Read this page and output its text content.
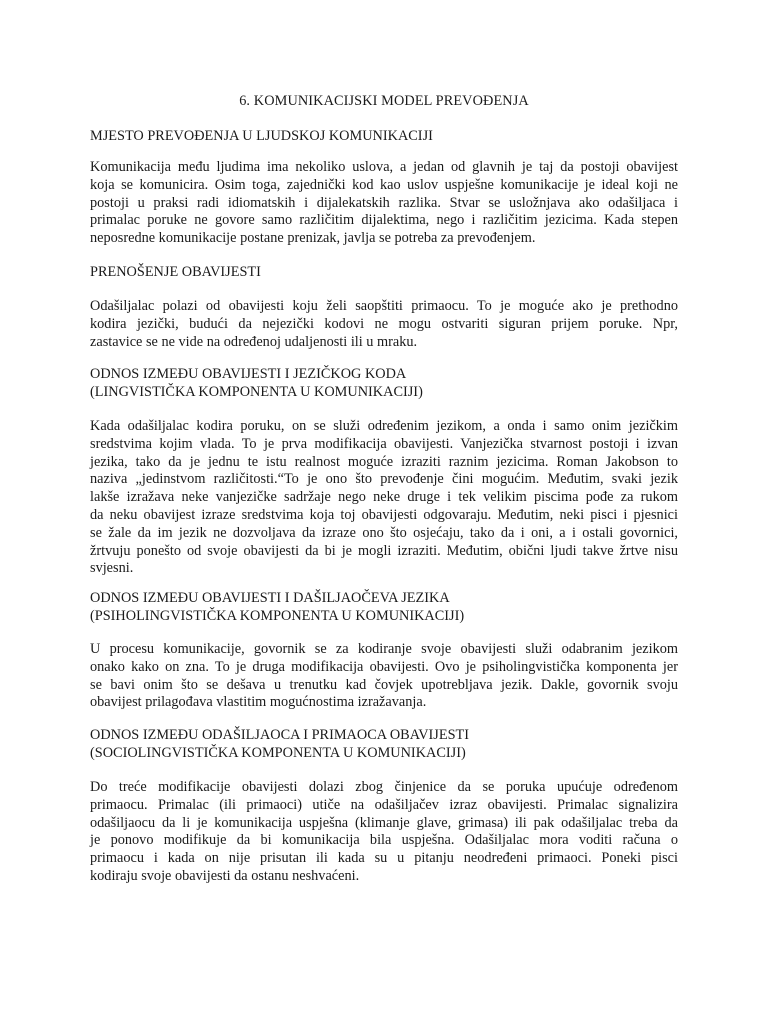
6. KOMUNIKACIJSKI MODEL PREVOĐENJA
MJESTO PREVOĐENJA U LJUDSKOJ KOMUNIKACIJI
Komunikacija među ljudima ima nekoliko uslova, a jedan od glavnih je taj da postoji obavijest
koja se komunicira. Osim toga, zajednički kod kao uslov uspješne komunikacije je ideal koji ne
postoji u praksi radi idiomatskih i dijalekatskih razlika. Stvar se usložnjava ako odašiljaca i
primalac poruke ne govore samo različitim dijalektima, nego i različitim jezicima. Kada stepen
neposredne komunikacije postane prenizak, javlja se potreba za prevođenjem.
PRENOŠENJE OBAVIJESTI
Odašiljalac polazi od obavijesti koju želi saopštiti primaocu. To je moguće ako je prethodno
kodira jezički, budući da nejezički kodovi ne mogu ostvariti siguran prijem poruke. Npr,
zastavice se ne vide na određenoj udaljenosti ili u mraku.
ODNOS IZMEĐU OBAVIJESTI I JEZIČKOG KODA
(LINGVISTIČKA KOMPONENTA U KOMUNIKACIJI)
Kada odašiljalac kodira poruku, on se služi određenim jezikom, a onda i samo onim jezičkim
sredstvima kojim vlada. To je prva modifikacija obavijesti. Vanjezička stvarnost postoji i izvan
jezika, tako da je jednu te istu realnost moguće izraziti raznim jezicima. Roman Jakobson to
naziva „jedinstvom različitosti.“To je ono što prevođenje čini mogućim. Međutim, svaki jezik
lakše izražava neke vanjezičke sadržaje nego neke druge i tek velikim piscima pođe za rukom
da neku obavijest izraze sredstvima koja toj obavijesti odgovaraju. Međutim, neki pisci i pjesnici
se žale da im jezik ne dozvoljava da izraze ono što osjećaju, tako da i oni, a i ostali govornici,
žrtvuju ponešto od svoje obavijesti da bi je mogli izraziti. Međutim, obični ljudi takve žrtve nisu
svjesni.
ODNOS IZMEĐU OBAVIJESTI I DAŠILJAOČEVA JEZIKA
(PSIHOLINGVISTIČKA KOMPONENTA U KOMUNIKACIJI)
U procesu komunikacije, govornik se za kodiranje svoje obavijesti služi odabranim jezikom
onako kako on zna. To je druga modifikacija obavijesti. Ovo je psiholingvistička komponenta jer
se bavi onim što se dešava u trenutku kad čovjek upotrebljava jezik. Dakle, govornik svoju
obavijest prilagođava vlastitim mogućnostima izražavanja.
ODNOS IZMEĐU ODAŠILJAOCA I PRIMAOCA OBAVIJESTI
(SOCIOLINGVISTIČKA KOMPONENTA U KOMUNIKACIJI)
Do treće modifikacije obavijesti dolazi zbog činjenice da se poruka upućuje određenom
primaocu. Primalac (ili primaoci) utiče na odašiljačev izraz obavijesti. Primalac signalizira
odašiljaocu da li je komunikacija uspješna (klimanje glave, grimasa) ili pak odašiljalac treba da
je ponovo modifikuje da bi komunikacija bila uspješna. Odašiljalac mora voditi računa o
primaocu i kada on nije prisutan ili kada su u pitanju neodređeni primaoci. Poneki pisci
kodiraju svoje obavijesti da ostanu neshvaćeni.
